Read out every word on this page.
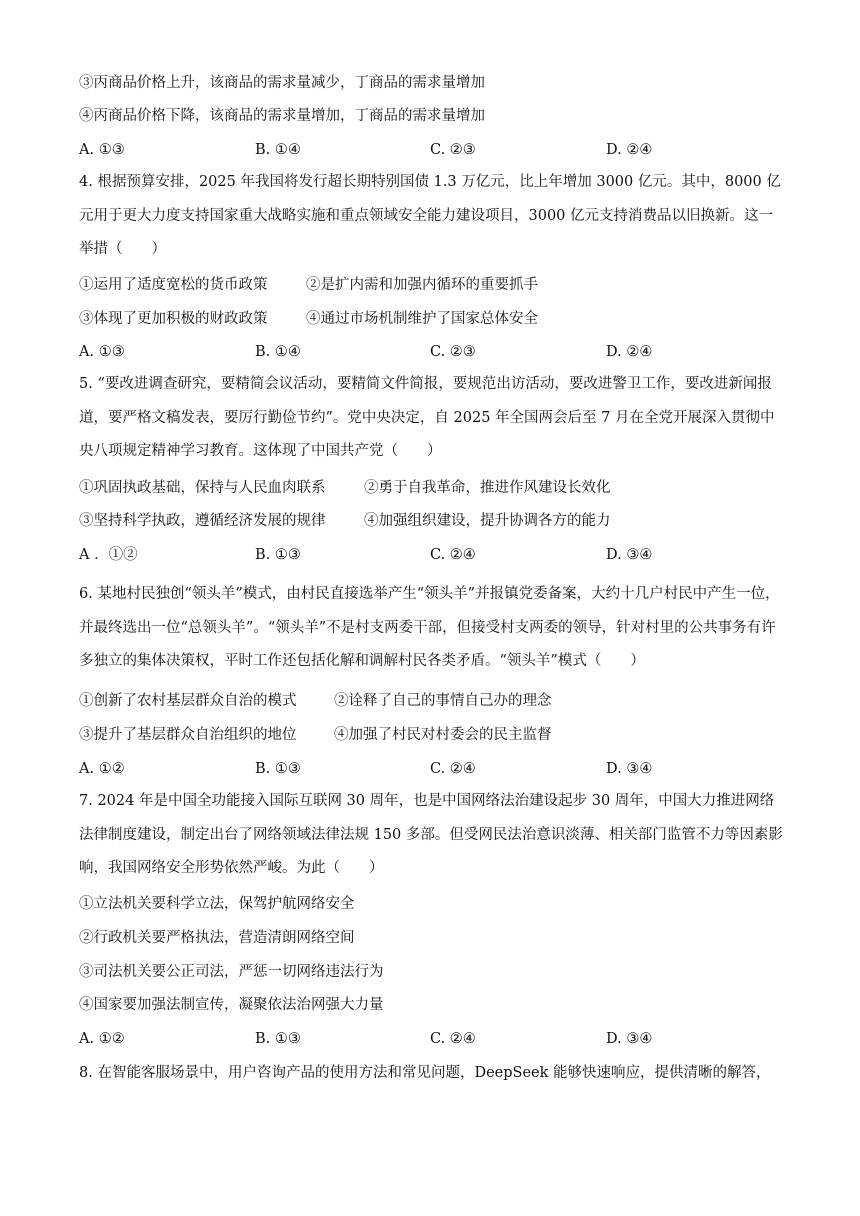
③丙商品价格上升，该商品的需求量减少，丁商品的需求量增加
④丙商品价格下降，该商品的需求量增加，丁商品的需求量增加
A. ①③	B. ①④	C. ②③	D. ②④
4. 根据预算安排，2025 年我国将发行超长期特别国债 1.3 万亿元，比上年增加 3000 亿元。其中，8000 亿元用于更大力度支持国家重大战略实施和重点领域安全能力建设项目，3000 亿元支持消费品以旧换新。这一举措（　　）
①运用了适度宽松的货币政策	②是扩内需和加强内循环的重要抓手
③体现了更加积极的财政政策	④通过市场机制维护了国家总体安全
A. ①③	B. ①④	C. ②③	D. ②④
5. “要改进调查研究，要精简会议活动，要精简文件简报，要规范出访活动，要改进警卫工作，要改进新闻报道，要严格文稿发表，要厉行勤俭节约”。党中央决定，自 2025 年全国两会后至 7 月在全党开展深入贯彻中央八项规定精神学习教育。这体现了中国共产党（　　）
①巩固执政基础，保持与人民血肉联系	②勇于自我革命，推进作风建设长效化
③坚持科学执政，遵循经济发展的规律	④加强组织建设，提升协调各方的能力
A ．①②	B. ①③	C. ②④	D. ③④
6. 某地村民独创“领头羊”模式，由村民直接选举产生“领头羊”并报镇党委备案，大约十几户村民中产生一位，并最终选出一位“总领头羊”。“领头羊”不是村支两委干部，但接受村支两委的领导，针对村里的公共事务有许多独立的集体决策权，平时工作还包括化解和调解村民各类矛盾。“领头羊”模式（　　）
①创新了农村基层群众自治的模式	②诠释了自己的事情自己办的理念
③提升了基层群众自治组织的地位	④加强了村民对村委会的民主监督
A. ①②	B. ①③	C. ②④	D. ③④
7. 2024 年是中国全功能接入国际互联网 30 周年，也是中国网络法治建设起步 30 周年，中国大力推进网络法律制度建设，制定出台了网络领域法律法规 150 多部。但受网民法治意识淡薄、相关部门监管不力等因素影响，我国网络安全形势依然严峻。为此（　　）
①立法机关要科学立法，保驾护航网络安全
②行政机关要严格执法，营造清朗网络空间
③司法机关要公正司法，严惩一切网络违法行为
④国家要加强法制宣传，凝聚依法治网强大力量
A. ①②	B. ①③	C. ②④	D. ③④
8. 在智能客服场景中，用户咨询产品的使用方法和常见问题，DeepSeek 能够快速响应，提供清晰的解答，
